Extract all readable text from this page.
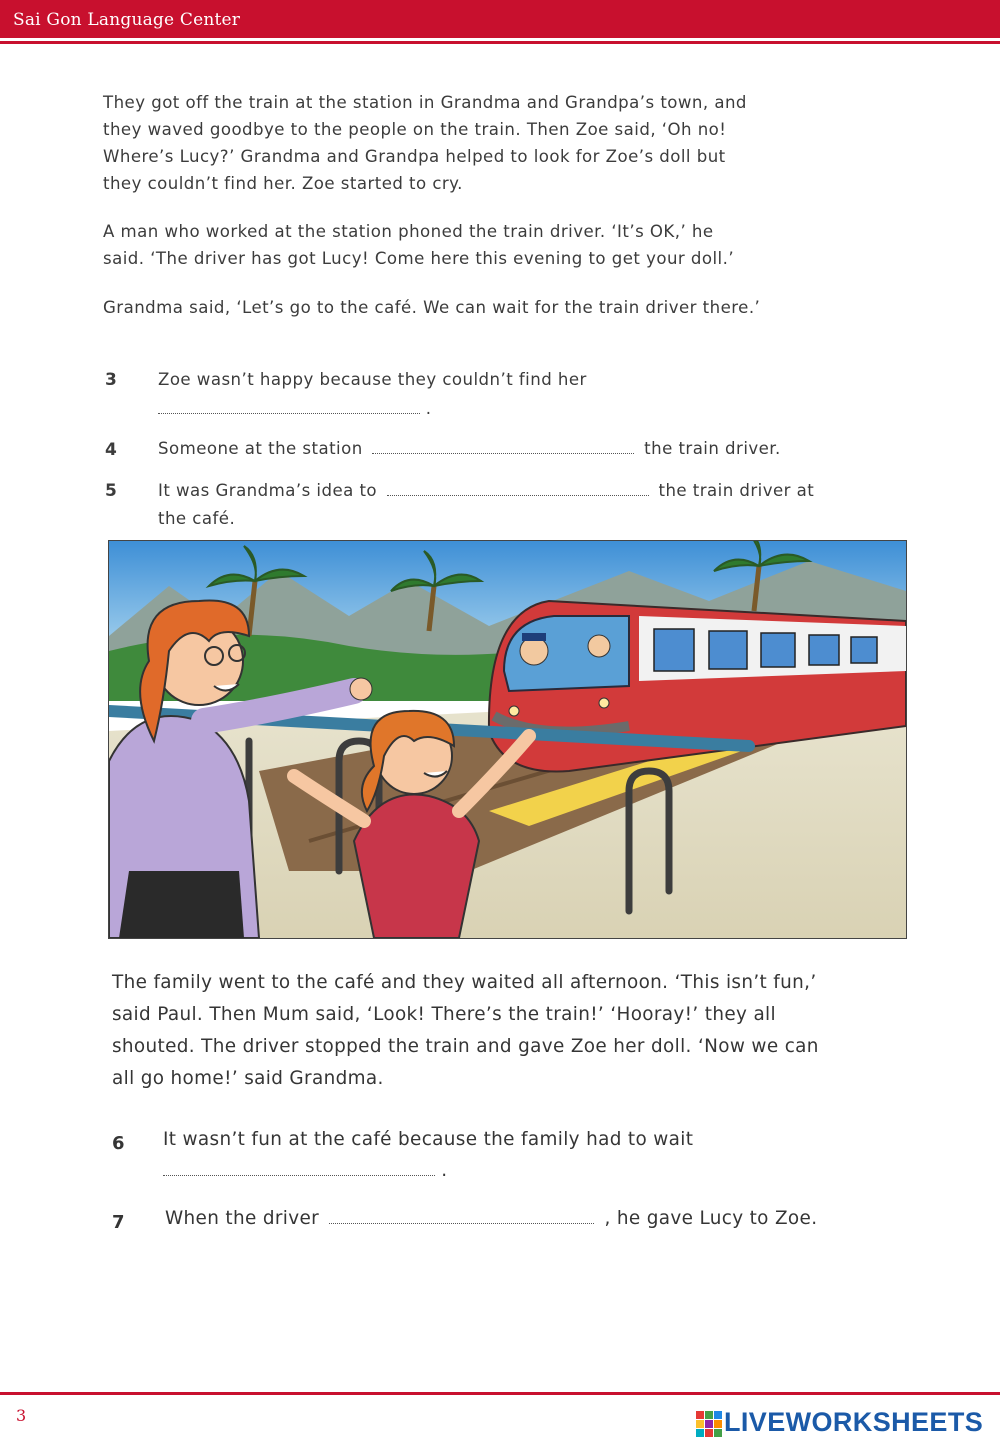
Sai Gon Language Center
They got off the train at the station in Grandma and Grandpa’s town, and
they waved goodbye to the people on the train. Then Zoe said, ‘Oh no!
Where’s Lucy?’ Grandma and Grandpa helped to look for Zoe’s doll but
they couldn’t find her. Zoe started to cry.
A man who worked at the station phoned the train driver. ‘It’s OK,’ he
said. ‘The driver has got Lucy! Come here this evening to get your doll.’
Grandma said, ‘Let’s go to the café. We can wait for the train driver there.’
3 Zoe wasn’t happy because they couldn’t find her
.
4 Someone at the station	the train driver.
5 It was Grandma’s idea to	the train driver at
the café.
The family went to the café and they waited all afternoon. ‘This isn’t fun,’
said Paul. Then Mum said, ‘Look! There’s the train!’ ‘Hooray!’ they all
shouted. The driver stopped the train and gave Zoe her doll. ‘Now we can
all go home!’ said Grandma.
6 It wasn’t fun at the café because the family had to wait
.
7 When the driver	, he gave Lucy to Zoe.
3	LIVEWORKSHEETS
